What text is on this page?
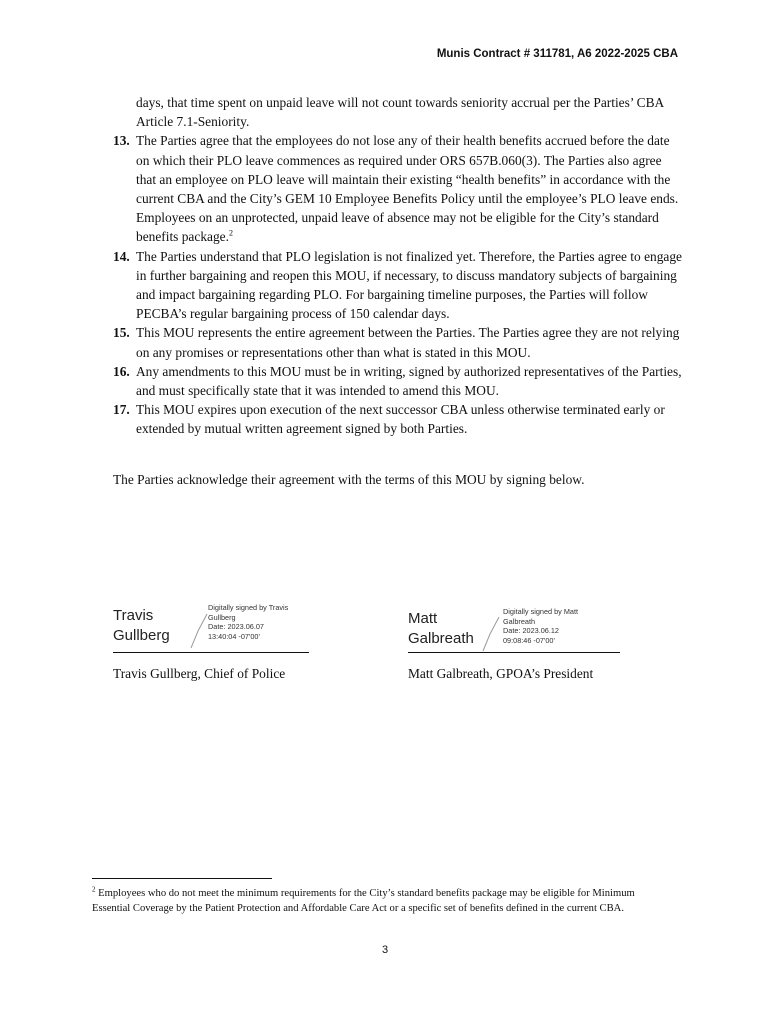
Munis Contract # 311781, A6 2022-2025 CBA

days, that time spent on unpaid leave will not count towards seniority accrual per the Parties’ CBA Article 7.1-Seniority.

13. The Parties agree that the employees do not lose any of their health benefits accrued before the date on which their PLO leave commences as required under ORS 657B.060(3). The Parties also agree that an employee on PLO leave will maintain their existing “health benefits” in accordance with the current CBA and the City’s GEM 10 Employee Benefits Policy until the employee’s PLO leave ends. Employees on an unprotected, unpaid leave of absence may not be eligible for the City’s standard benefits package.$^2$
14. The Parties understand that PLO legislation is not finalized yet. Therefore, the Parties agree to engage in further bargaining and reopen this MOU, if necessary, to discuss mandatory subjects of bargaining and impact bargaining regarding PLO. For bargaining timeline purposes, the Parties will follow PECBA’s regular bargaining process of 150 calendar days.
15. This MOU represents the entire agreement between the Parties. The Parties agree they are not relying on any promises or representations other than what is stated in this MOU.
16. Any amendments to this MOU must be in writing, signed by authorized representatives of the Parties, and must specifically state that it was intended to amend this MOU.
17. This MOU expires upon execution of the next successor CBA unless otherwise terminated early or extended by mutual written agreement signed by both Parties.

The Parties acknowledge their agreement with the terms of this MOU by signing below.

Travis
Gullberg
Digitally signed by Travis
Gullberg
Date: 2023.06.07
13:40:04 -07'00'
Travis Gullberg, Chief of Police
Matt
Galbreath
Digitally signed by Matt
Galbreath
Date: 2023.06.12
09:08:46 -07'00'
Matt Galbreath, GPOA’s President
$^2$ Employees who do not meet the minimum requirements for the City’s standard benefits package may be eligible for Minimum Essential Coverage by the Patient Protection and Affordable Care Act or a specific set of benefits defined in the current CBA.
3
